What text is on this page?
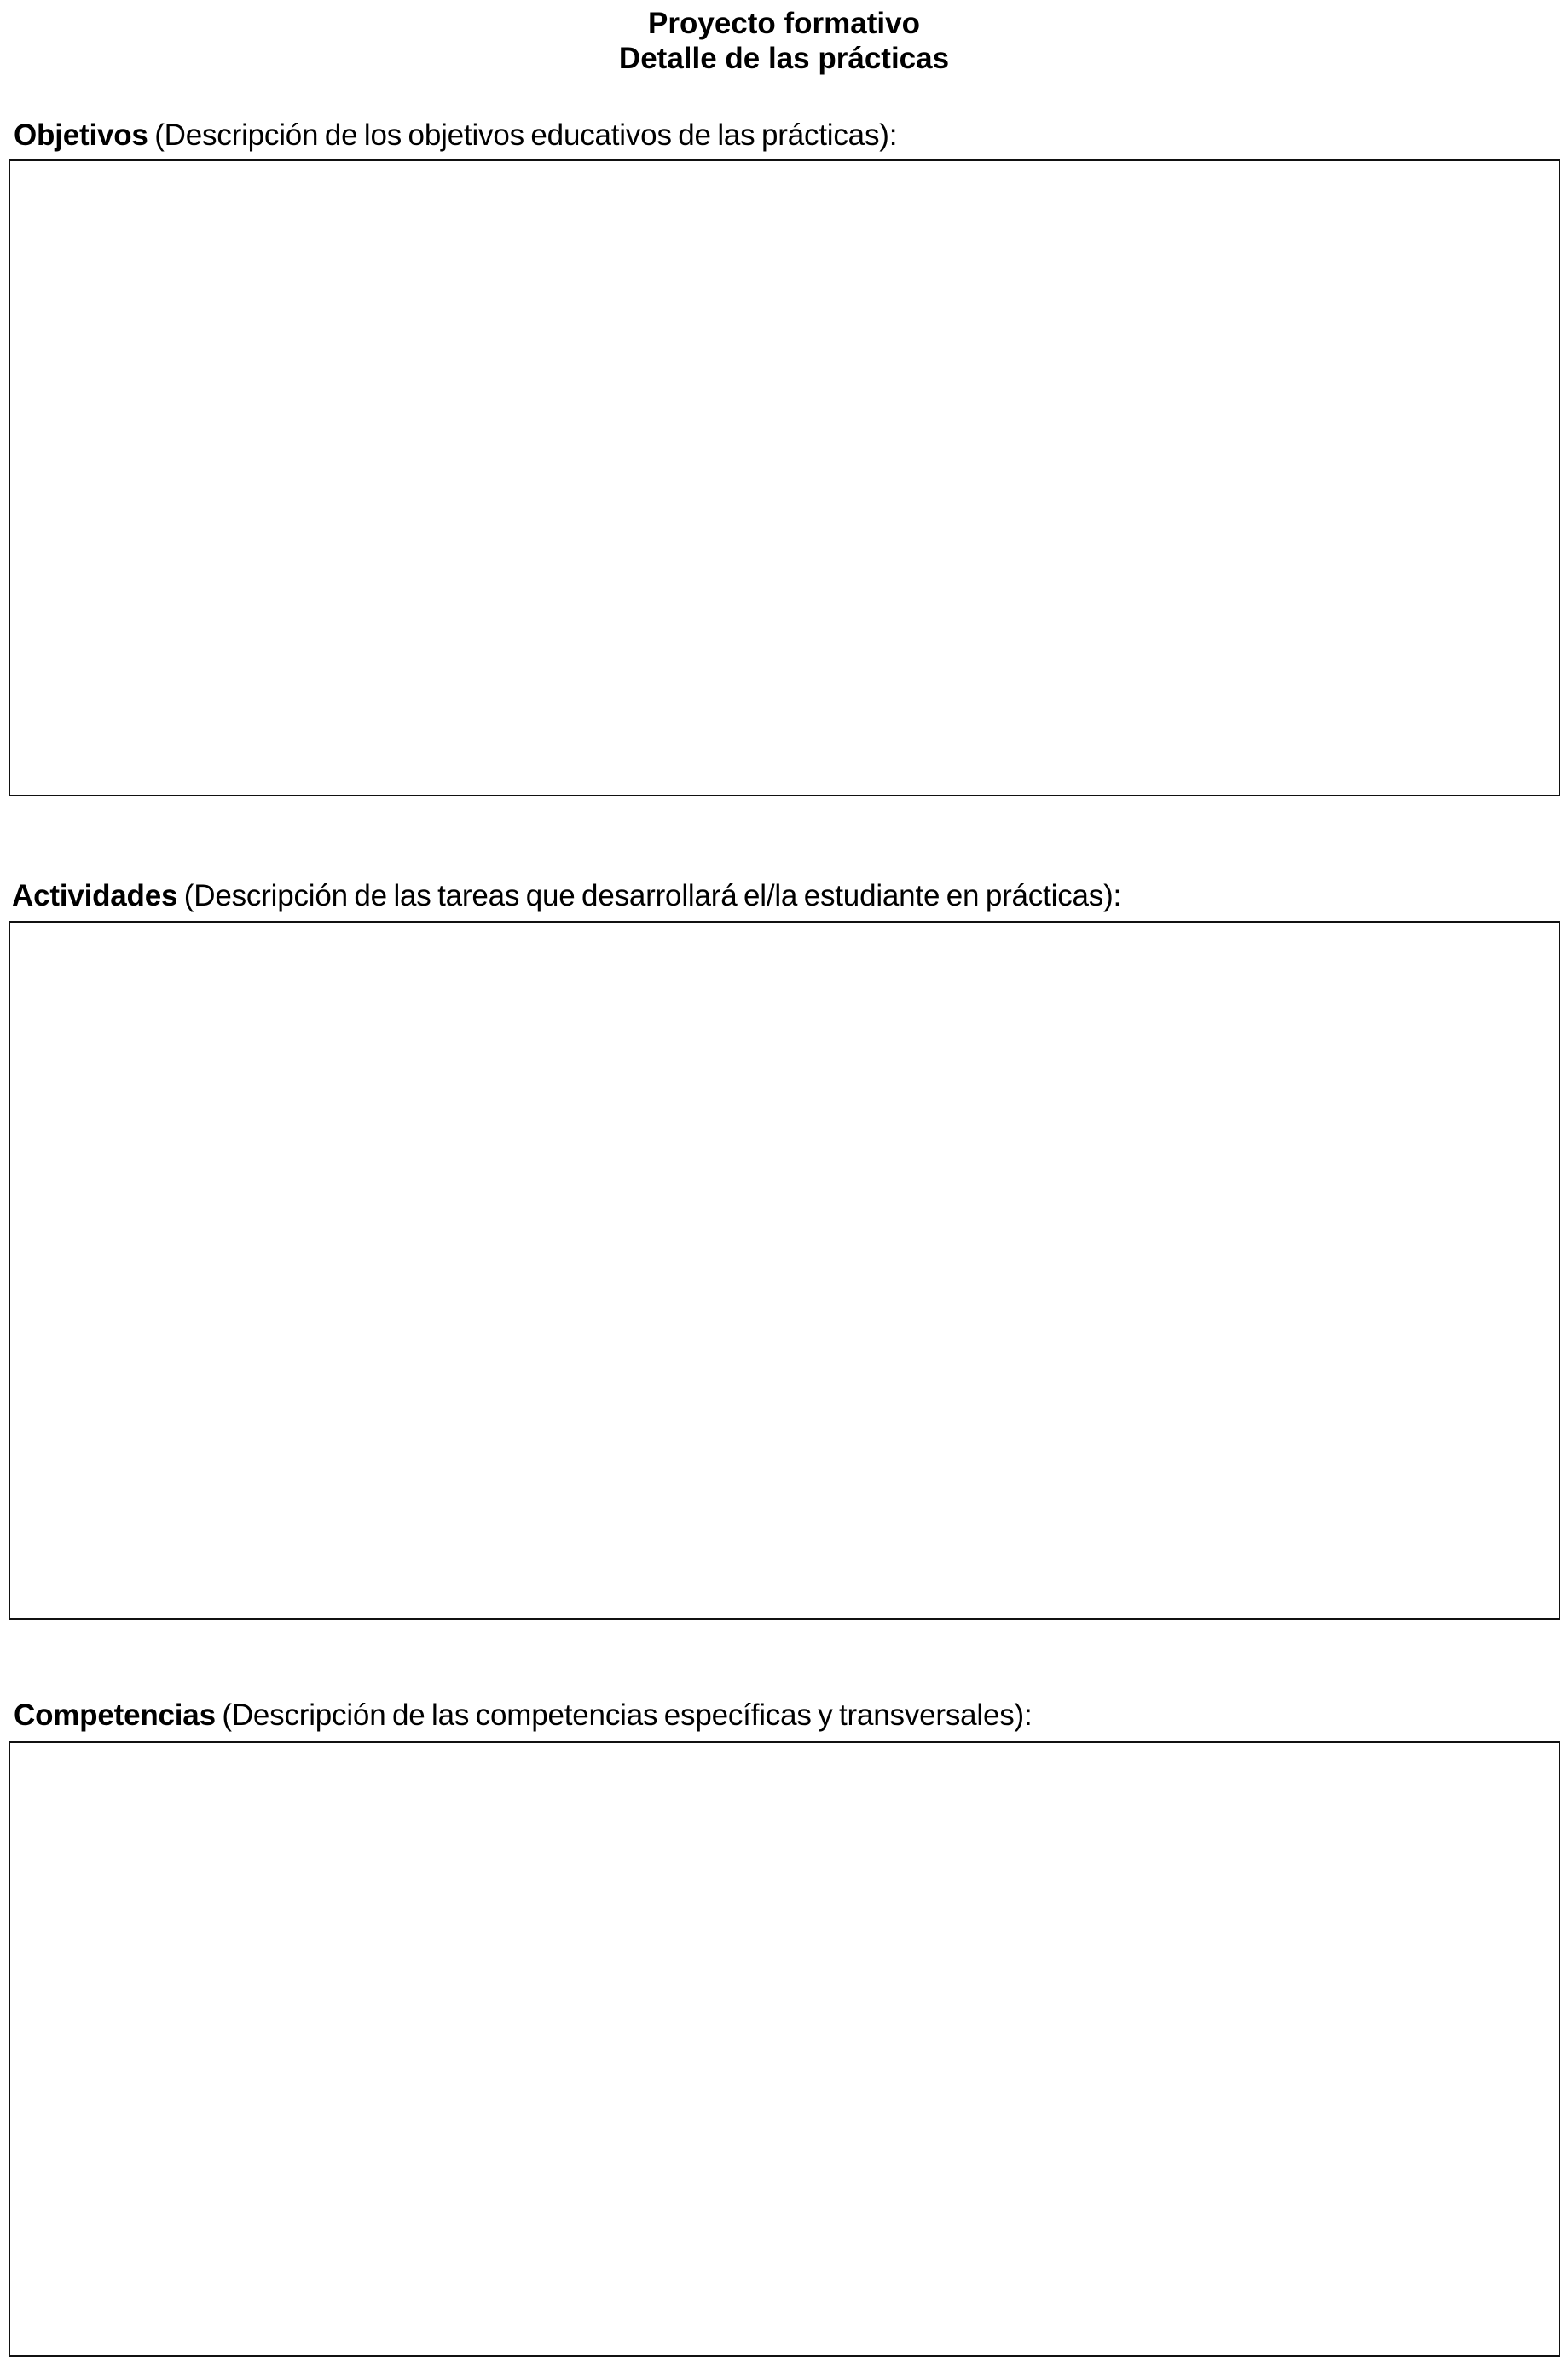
Proyecto formativo
Detalle de las prácticas
Objetivos (Descripción de los objetivos educativos de las prácticas):
Actividades (Descripción de las tareas que desarrollará el/la estudiante en prácticas):
Competencias (Descripción de las competencias específicas y transversales):
